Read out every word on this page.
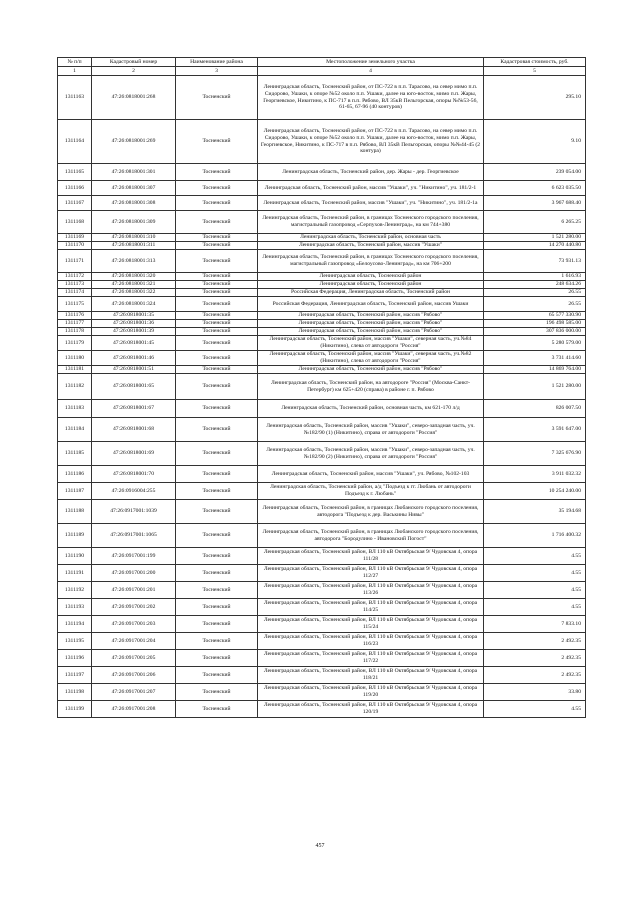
№ п/п	Кадастровый номер	Наименование района	Местоположение земельного участка	Кадастровая стоимость, руб.
1	2	3	4	5
1311163	47:26:0818001:268	Тосненский	Ленинградская область, Тосненский район, от ПС-722 в п.п. Тарасово, на север мимо п.п. Сидорово, Ушаки, к опоре №52 около п.п. Ушаки, далее на юго-восток, мимо п.п. Жары, Георгиевское, Никитино, к ПС-717 в п.п. Рябово, ВЛ 35кВ Пельгорская, опоры №№53-56, 61-65, 67-96 (40 контуров)	295.10
1311164	47:26:0818001:269	Тосненский	Ленинградская область, Тосненский район, от ПС-722 в п.п. Тарасово, на север мимо п.п. Сидорово, Ушаки, к опоре №52 около п.п. Ушаки, далее на юго-восток, мимо п.п. Жары, Георгиевское, Никитино, к ПС-717 в п.п. Рябово, ВЛ 35кВ Пельгорская, опоры №№44-45 (2 контура)	9.10
1311165	47:26:0818001:301	Тосненский	Ленинградская область, Тосненский район, дер. Жары - дер. Георгиевское	239 054.00
1311166	47:26:0818001:307	Тосненский	Ленинградская область, Тосненский район, массив "Ушаки", уч. "Никитино", уч. 181/2-1	6 623 035.50
1311167	47:26:0818001:308	Тосненский	Ленинградская область, Тосненский район, массив "Ушаки", уч. "Никитино", уч. 181/2-1а	3 967 688.40
1311168	47:26:0818001:309	Тосненский	Ленинградская область, Тосненский район, в границах Тосненского городского поселения, магистральный газопровод «Серпухов-Ленинград», на км 744+380	6 265.25
1311169	47:26:0818001:310	Тосненский	Ленинградская область, Тосненский район, основная часть	1 521 280.00
1311170	47:26:0818001:311	Тосненский	Ленинградская область, Тосненский район, массив "Ушаки"	14 270 440.80
1311171	47:26:0818001:313	Тосненский	Ленинградская область, Тосненский район, в границах Тосненского городского поселения, магистральный газопровод «Белоусово-Ленинград», на км 706+200	73 931.13
1311172	47:26:0818001:320	Тосненский	Ленинградская область, Тосненский район	1 616.93
1311173	47:26:0818001:321	Тосненский	Ленинградская область, Тосненский район	248 634.26
1311174	47:26:0818001:322	Тосненский	Российская Федерация, Ленинградская область, Тосненский район	26.55
1311175	47:26:0818001:324	Тосненский	Российская Федерация, Ленинградская область, Тосненский район, массив Ушаки	26.55
1311176	47:26:0818001:35	Тосненский	Ленинградская область, Тосненский район, массив "Рябово"	65 577 330.90
1311177	47:26:0818001:36	Тосненский	Ленинградская область, Тосненский район, массив "Рябово"	196 498 585.00
1311178	47:26:0818001:39	Тосненский	Ленинградская область, Тосненский район, массив "Рябово"	307 836 000.00
1311179	47:26:0818001:45	Тосненский	Ленинградская область, Тосненский район, массив "Ушаки", северная часть, уч.№84 (Никитино), слева от автодороги "Россия"	5 280 579.00
1311180	47:26:0818001:46	Тосненский	Ленинградская область, Тосненский район, массив "Ушаки", северная часть, уч.№82 (Никитино), слева от автодороги "Россия"	3 731 414.60
1311181	47:26:0818001:51	Тосненский	Ленинградская область, Тосненский район, массив "Рябово"	14 869 764.00
1311182	47:26:0818001:65	Тосненский	Ленинградская область, Тосненский район, на автодороге "Россия" (Москва-Санкт-Петербург) км 625+420 (справа) в районе г. п. Рябово	1 521 280.00
1311183	47:26:0818001:67	Тосненский	Ленинградская область, Тосненский район, основная часть, км 621-170 л/д	826 007.50
1311184	47:26:0818001:68	Тосненский	Ленинградская область, Тосненский район, массив "Ушаки", северо-западная часть, уч.№182/90 (1) (Никитино), справа от автодороги "Россия"	3 591 647.00
1311185	47:26:0818001:69	Тосненский	Ленинградская область, Тосненский район, массив "Ушаки", северо-западная часть, уч.№182/90 (2) (Никитино), справа от автодороги "Россия"	7 325 676.90
1311186	47:26:0818001:70	Тосненский	Ленинградская область, Тосненский район, массив "Ушаки", уч. Рябово, №102-103	3 911 032.32
1311187	47:26:0916004:255	Тосненский	Ленинградская область, Тосненский район, а/д "Подъезд к гг. Любань от автодороги Подъезд к г. Любань"	10 254 240.00
1311188	47:26:0917001:1039	Тосненский	Ленинградская область, Тосненский район, в границах Любанского городского поселения, автодорога "Подъезд к дер. Васькины Нивы"	35 194.68
1311189	47:26:0917001:1065	Тосненский	Ленинградская область, Тосненский район, в границах Любанского городского поселения, автодорога "Бородулино - Ивановский Погост"	1 716 400.32
1311190	47:26:0917001:199	Тосненский	Ленинградская область, Тосненский район, ВЛ 110 кВ Октябрьская 9/ Чудовская 4, опора 111/28	4.55
1311191	47:26:0917001:200	Тосненский	Ленинградская область, Тосненский район, ВЛ 110 кВ Октябрьская 9/ Чудовская 4, опора 112/27	4.55
1311192	47:26:0917001:201	Тосненский	Ленинградская область, Тосненский район, ВЛ 110 кВ Октябрьская 9/ Чудовская 4, опора 113/26	4.55
1311193	47:26:0917001:202	Тосненский	Ленинградская область, Тосненский район, ВЛ 110 кВ Октябрьская 9/ Чудовская 4, опора 114/25	4.55
1311194	47:26:0917001:203	Тосненский	Ленинградская область, Тосненский район, ВЛ 110 кВ Октябрьская 9/ Чудовская 4, опора 115/24	7 833.10
1311195	47:26:0917001:204	Тосненский	Ленинградская область, Тосненский район, ВЛ 110 кВ Октябрьская 9/ Чудовская 4, опора 116/23	2 492.35
1311196	47:26:0917001:205	Тосненский	Ленинградская область, Тосненский район, ВЛ 110 кВ Октябрьская 9/ Чудовская 4, опора 117/22	2 492.35
1311197	47:26:0917001:206	Тосненский	Ленинградская область, Тосненский район, ВЛ 110 кВ Октябрьская 9/ Чудовская 4, опора 118/21	2 492.35
1311198	47:26:0917001:207	Тосненский	Ленинградская область, Тосненский район, ВЛ 110 кВ Октябрьская 9/ Чудовская 4, опора 119/20	33.80
1311199	47:26:0917001:208	Тосненский	Ленинградская область, Тосненский район, ВЛ 110 кВ Октябрьская 9/ Чудовская 4, опора 120/19	4.55
457
